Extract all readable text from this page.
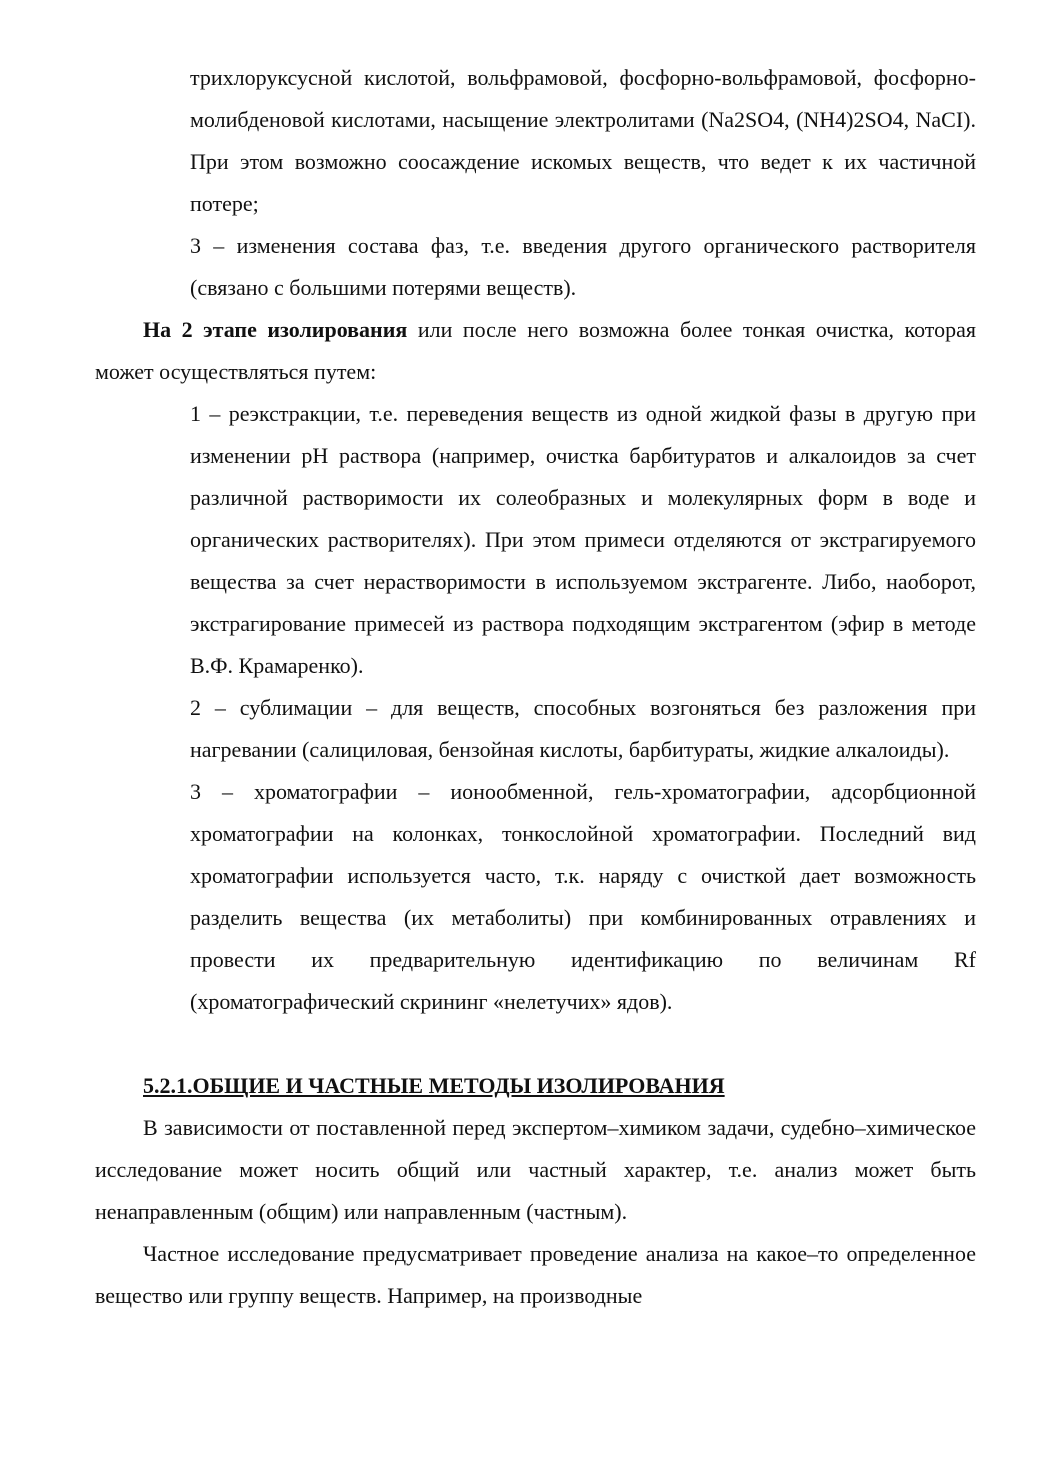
трихлоруксусной кислотой, вольфрамовой, фосфорно-вольфрамовой, фосфорно-молибденовой кислотами, насыщение электролитами (Na2SO4, (NH4)2SO4, NaCI). При этом возможно соосаждение искомых веществ, что ведет к их частичной потере;

3 – изменения состава фаз, т.е. введения другого органического растворителя (связано с большими потерями веществ).

На 2 этапе изолирования или после него возможна более тонкая очистка, которая может осуществляться путем:

1 – реэкстракции, т.е. переведения веществ из одной жидкой фазы в другую при изменении pH раствора (например, очистка барбитуратов и алкалоидов за счет различной растворимости их солеобразных и молекулярных форм в воде и органических растворителях). При этом примеси отделяются от экстрагируемого вещества за счет нерастворимости в используемом экстрагенте. Либо, наоборот, экстрагирование примесей из раствора подходящим экстрагентом (эфир в методе В.Ф. Крамаренко).

2 – сублимации – для веществ, способных возгоняться без разложения при нагревании (салициловая, бензойная кислоты, барбитураты, жидкие алкалоиды).

3 – хроматографии – ионообменной, гель-хроматографии, адсорбционной хроматографии на колонках, тонкослойной хроматографии. Последний вид хроматографии используется часто, т.к. наряду с очисткой дает возможность разделить вещества (их метаболиты) при комбинированных отравлениях и провести их предварительную идентификацию по величинам Rf (хроматографический скрининг «нелетучих» ядов).

5.2.1.ОБЩИЕ И ЧАСТНЫЕ МЕТОДЫ ИЗОЛИРОВАНИЯ

В зависимости от поставленной перед экспертом–химиком задачи, судебно–химическое исследование может носить общий или частный характер, т.е. анализ может быть ненаправленным (общим) или направленным (частным).

Частное исследование предусматривает проведение анализа на какое–то определенное вещество или группу веществ. Например, на производные
